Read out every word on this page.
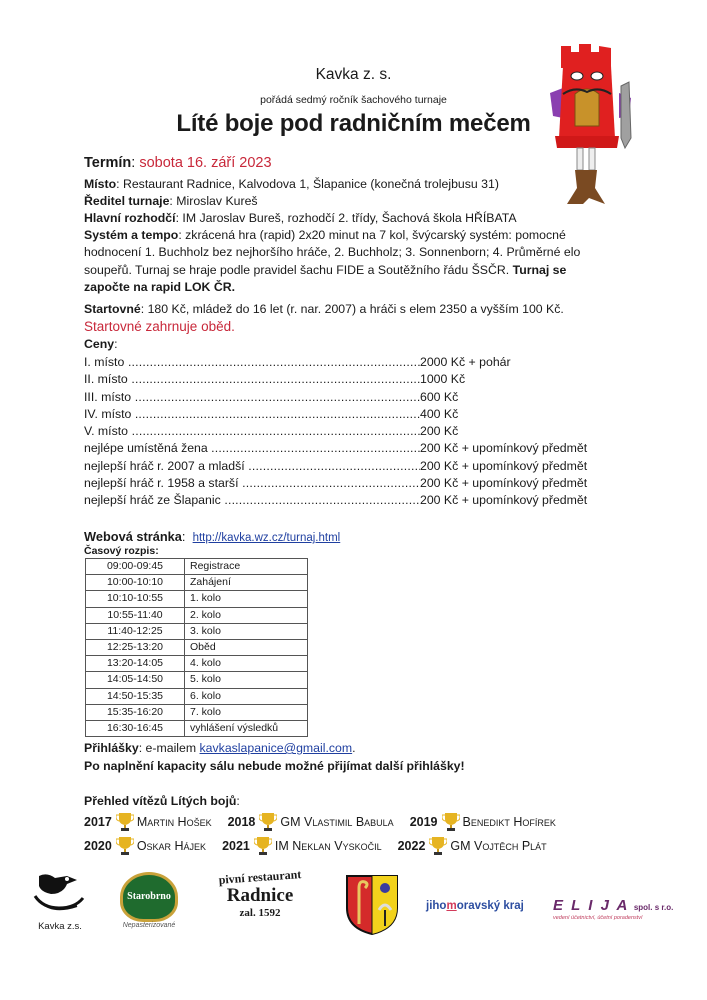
Kavka z. s.
pořádá sedmý ročník šachového turnaje
Líté boje pod radničním mečem
Termín: sobota 16. září 2023
Místo: Restaurant Radnice, Kalvodova 1, Šlapanice (konečná trolejbusu 31)
Ředitel turnaje: Miroslav Kureš
Hlavní rozhodčí: IM Jaroslav Bureš, rozhodčí 2. třídy, Šachová škola HŘÍBATA
Systém a tempo: zkrácená hra (rapid) 2x20 minut na 7 kol, švýcarský systém: pomocné hodnocení 1. Buchholz bez nejhoršího hráče, 2. Buchholz; 3. Sonnenborn; 4. Průměrné elo soupeřů. Turnaj se hraje podle pravidel šachu FIDE a Soutěžního řádu ŠSČR. Turnaj se započte na rapid LOK ČR.
Startovné: 180 Kč, mládež do 16 let (r. nar. 2007) a hráči s elem 2350 a vyšším 100 Kč.
Startovné zahrnuje oběd.
Ceny:
I. místo .....	2000 Kč + pohár
II. místo .....	1000 Kč
III. místo .....	600 Kč
IV. místo .....	400 Kč
V. místo .....	200 Kč
nejlépe umístěná žena .....	200 Kč + upomínkový předmět
nejlepší hráč r. 2007 a mladší .....	200 Kč + upomínkový předmět
nejlepší hráč r. 1958 a starší .....	200 Kč + upomínkový předmět
nejlepší hráč ze Šlapanic .....	200 Kč + upomínkový předmět
Webová stránka:  http://kavka.wz.cz/turnaj.html
Časový rozpis:
09:00-09:45	Registrace
10:00-10:10	Zahájení
10:10-10:55	1. kolo
10:55-11:40	2. kolo
11:40-12:25	3. kolo
12:25-13:20	Oběd
13:20-14:05	4. kolo
14:05-14:50	5. kolo
14:50-15:35	6. kolo
15:35-16:20	7. kolo
16:30-16:45	vyhlášení výsledků
Přihlášky: e-mailem kavkaslapanice@gmail.com.
Po naplnění kapacity sálu nebude možné přijímat další přihlášky!
Přehled vítězů Lítých bojů:
2017 Martin Hošek 2018 GM Vlastimil Babula 2019 Benedikt Hofírek
2020 Oskar Hájek 2021 IM Neklan Vyskočil 2022 GM Vojtěch Plát
Kavka z.s.
Starobrno
Nepasterizované
pivní restaurant
Radnice
zal. 1592
jihomoravský kraj E L I J A spol. s r.o.
vedení účetnictví, účetní poradenství
